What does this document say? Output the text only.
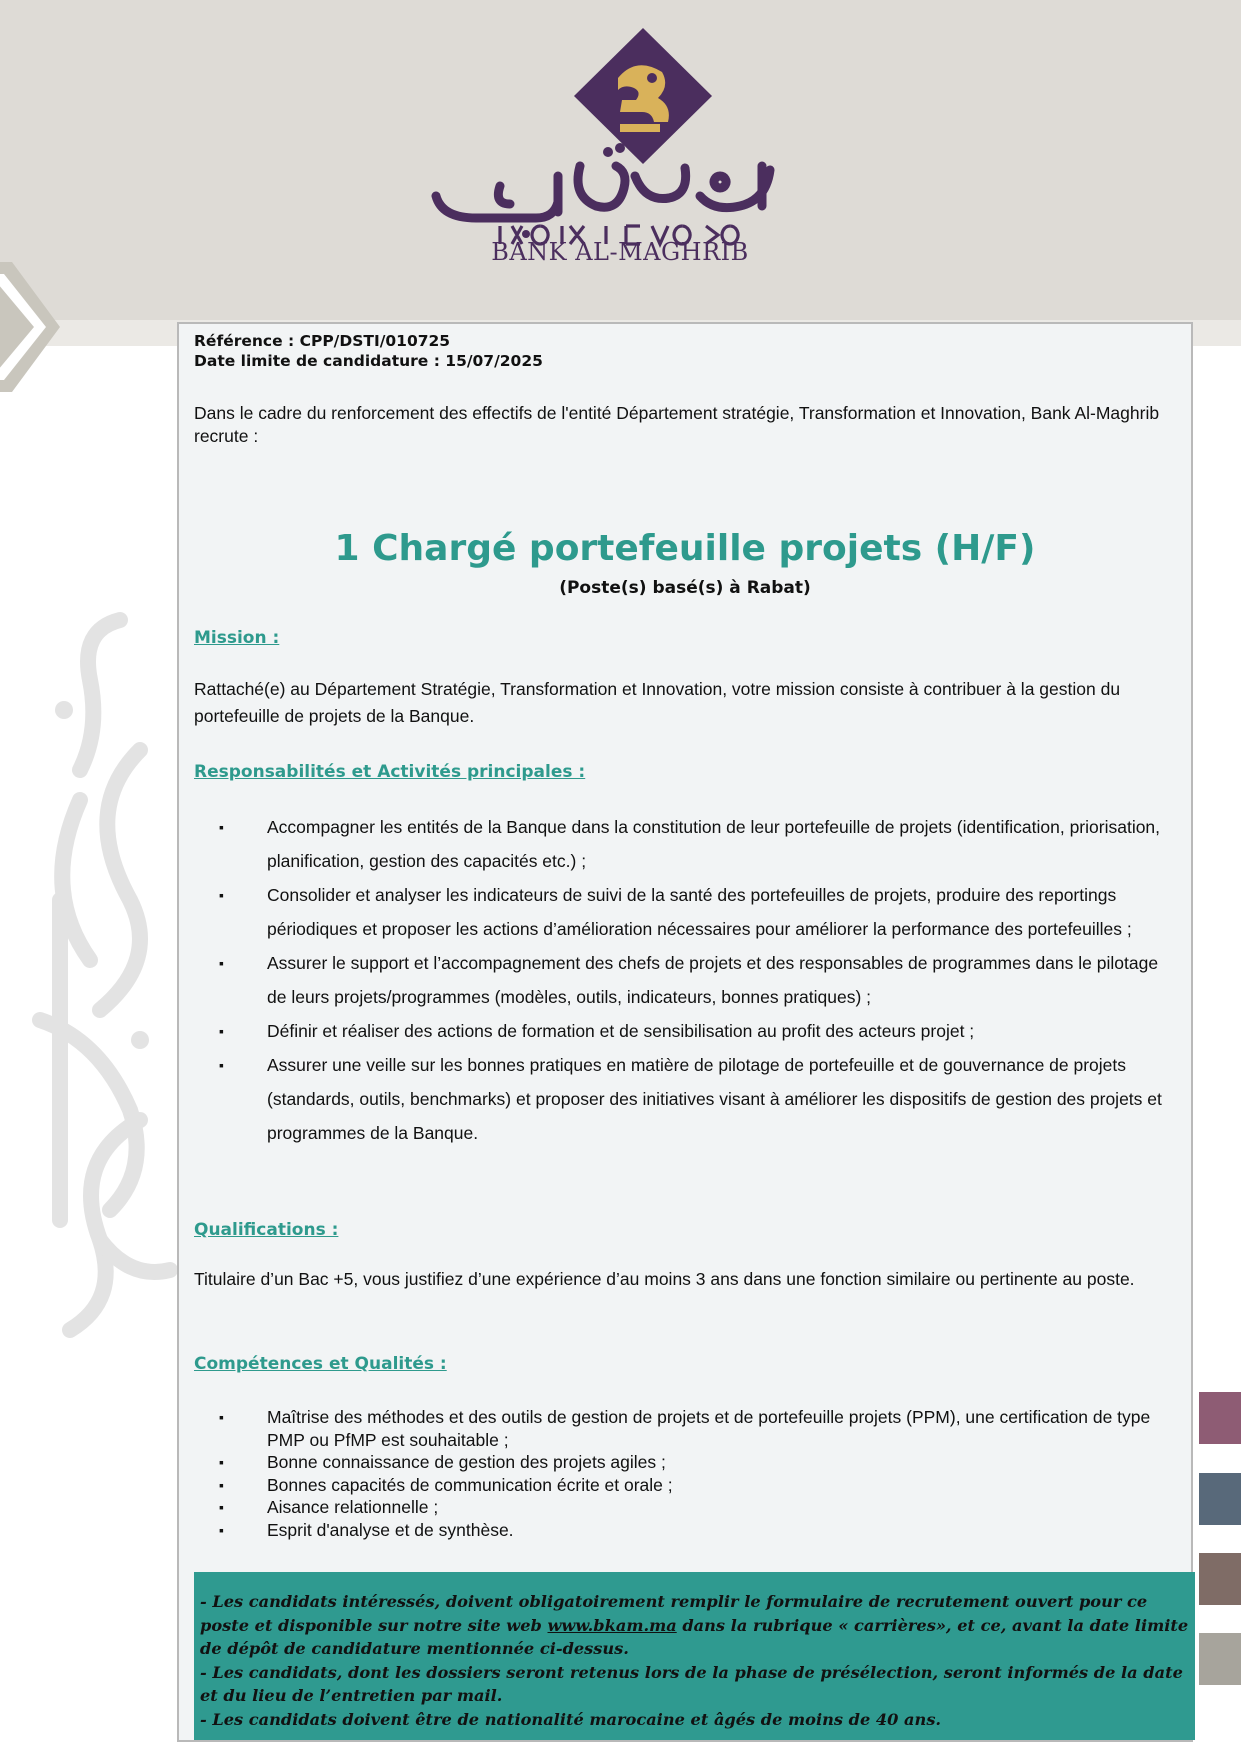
BANK AL-MAGHRIB
Référence : CPP/DSTI/010725
Date limite de candidature : 15/07/2025
Dans le cadre du renforcement des effectifs de l'entité Département stratégie, Transformation et Innovation, Bank Al-Maghrib recrute :
1 Chargé portefeuille projets (H/F)
(Poste(s) basé(s) à Rabat)
Mission :
Rattaché(e) au Département Stratégie, Transformation et Innovation, votre mission consiste à contribuer à la gestion du portefeuille de projets de la Banque.
Responsabilités et Activités principales :
▪ Accompagner les entités de la Banque dans la constitution de leur portefeuille de projets (identification, priorisation, planification, gestion des capacités etc.) ;
▪ Consolider et analyser les indicateurs de suivi de la santé des portefeuilles de projets, produire des reportings périodiques et proposer les actions d’amélioration nécessaires pour améliorer la performance des portefeuilles ;
▪ Assurer le support et l’accompagnement des chefs de projets et des responsables de programmes dans le pilotage de leurs projets/programmes (modèles, outils, indicateurs, bonnes pratiques) ;
▪ Définir et réaliser des actions de formation et de sensibilisation au profit des acteurs projet ;
▪ Assurer une veille sur les bonnes pratiques en matière de pilotage de portefeuille et de gouvernance de projets (standards, outils, benchmarks) et proposer des initiatives visant à améliorer les dispositifs de gestion des projets et programmes de la Banque.
Qualifications :
Titulaire d’un Bac +5, vous justifiez d’une expérience d’au moins 3 ans dans une fonction similaire ou pertinente au poste.
Compétences et Qualités :
▪ Maîtrise des méthodes et des outils de gestion de projets et de portefeuille projets (PPM), une certification de type PMP ou PfMP est souhaitable ;
▪ Bonne connaissance de gestion des projets agiles ;
▪ Bonnes capacités de communication écrite et orale ;
▪ Aisance relationnelle ;
▪ Esprit d'analyse et de synthèse.

- Les candidats intéressés, doivent obligatoirement remplir le formulaire de recrutement ouvert pour ce poste et disponible sur notre site web www.bkam.ma dans la rubrique « carrières», et ce, avant la date limite de dépôt de candidature mentionnée ci-dessus.

- Les candidats, dont les dossiers seront retenus lors de la phase de présélection, seront informés de la date et du lieu de l’entretien par mail.

- Les candidats doivent être de nationalité marocaine et âgés de moins de 40 ans.
